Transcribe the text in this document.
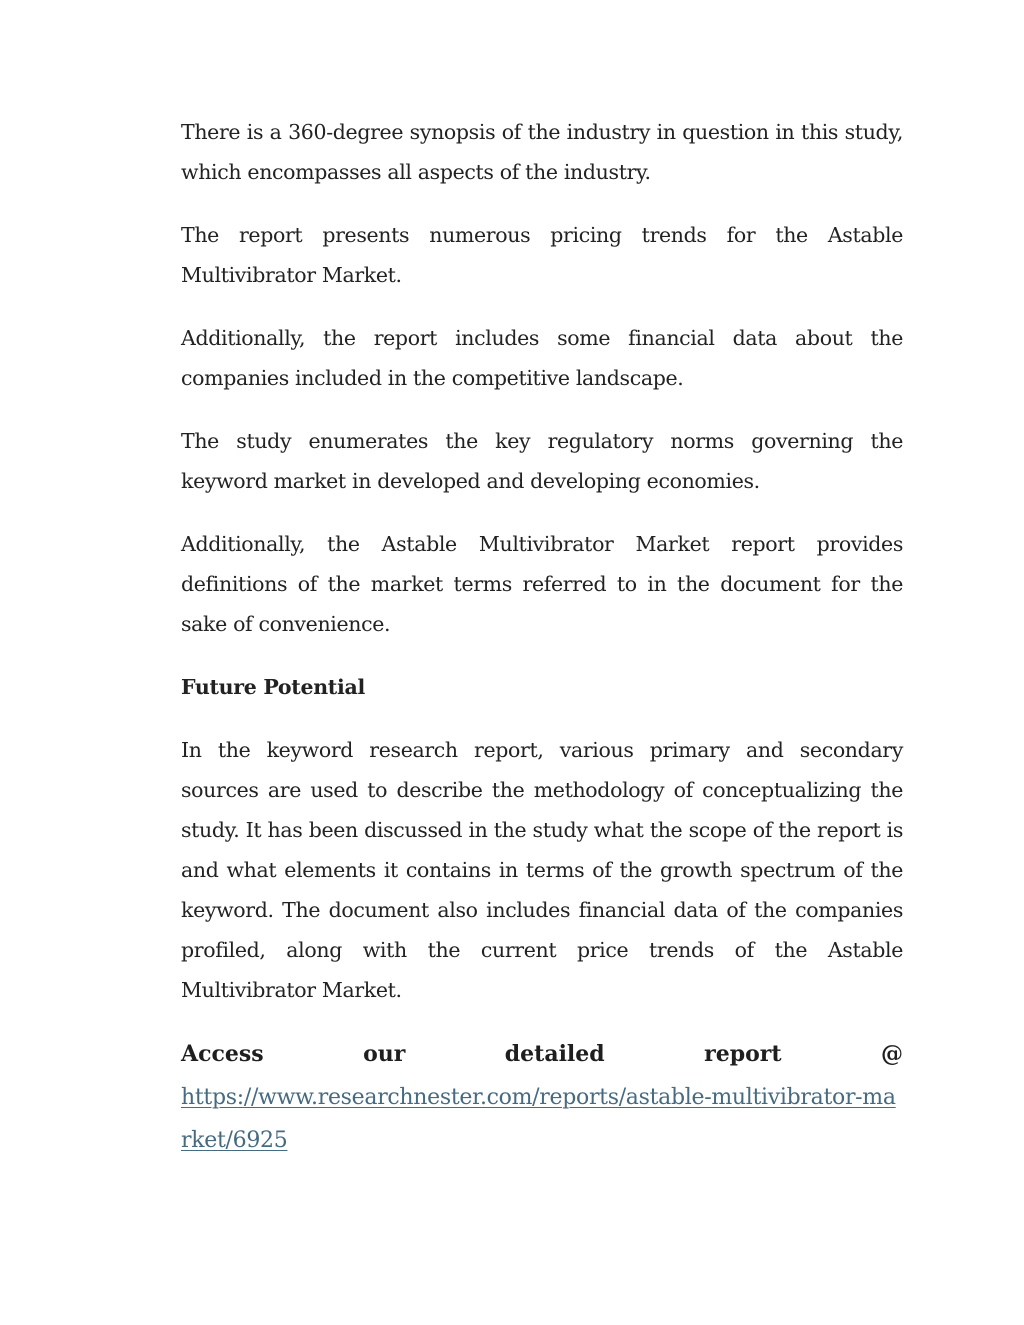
There is a 360-degree synopsis of the industry in question in this study, which encompasses all aspects of the industry.

The report presents numerous pricing trends for the Astable Multivibrator Market.

Additionally, the report includes some financial data about the companies included in the competitive landscape.

The study enumerates the key regulatory norms governing the keyword market in developed and developing economies.

Additionally, the Astable Multivibrator Market report provides definitions of the market terms referred to in the document for the sake of convenience.

Future Potential

In the keyword research report, various primary and secondary sources are used to describe the methodology of conceptualizing the study. It has been discussed in the study what the scope of the report is and what elements it contains in terms of the growth spectrum of the keyword. The document also includes financial data of the companies profiled, along with the current price trends of the Astable Multivibrator Market.

Access	our	detailed	report	@
https://www.researchnester.com/reports/astable-multivibrator-market/6925
